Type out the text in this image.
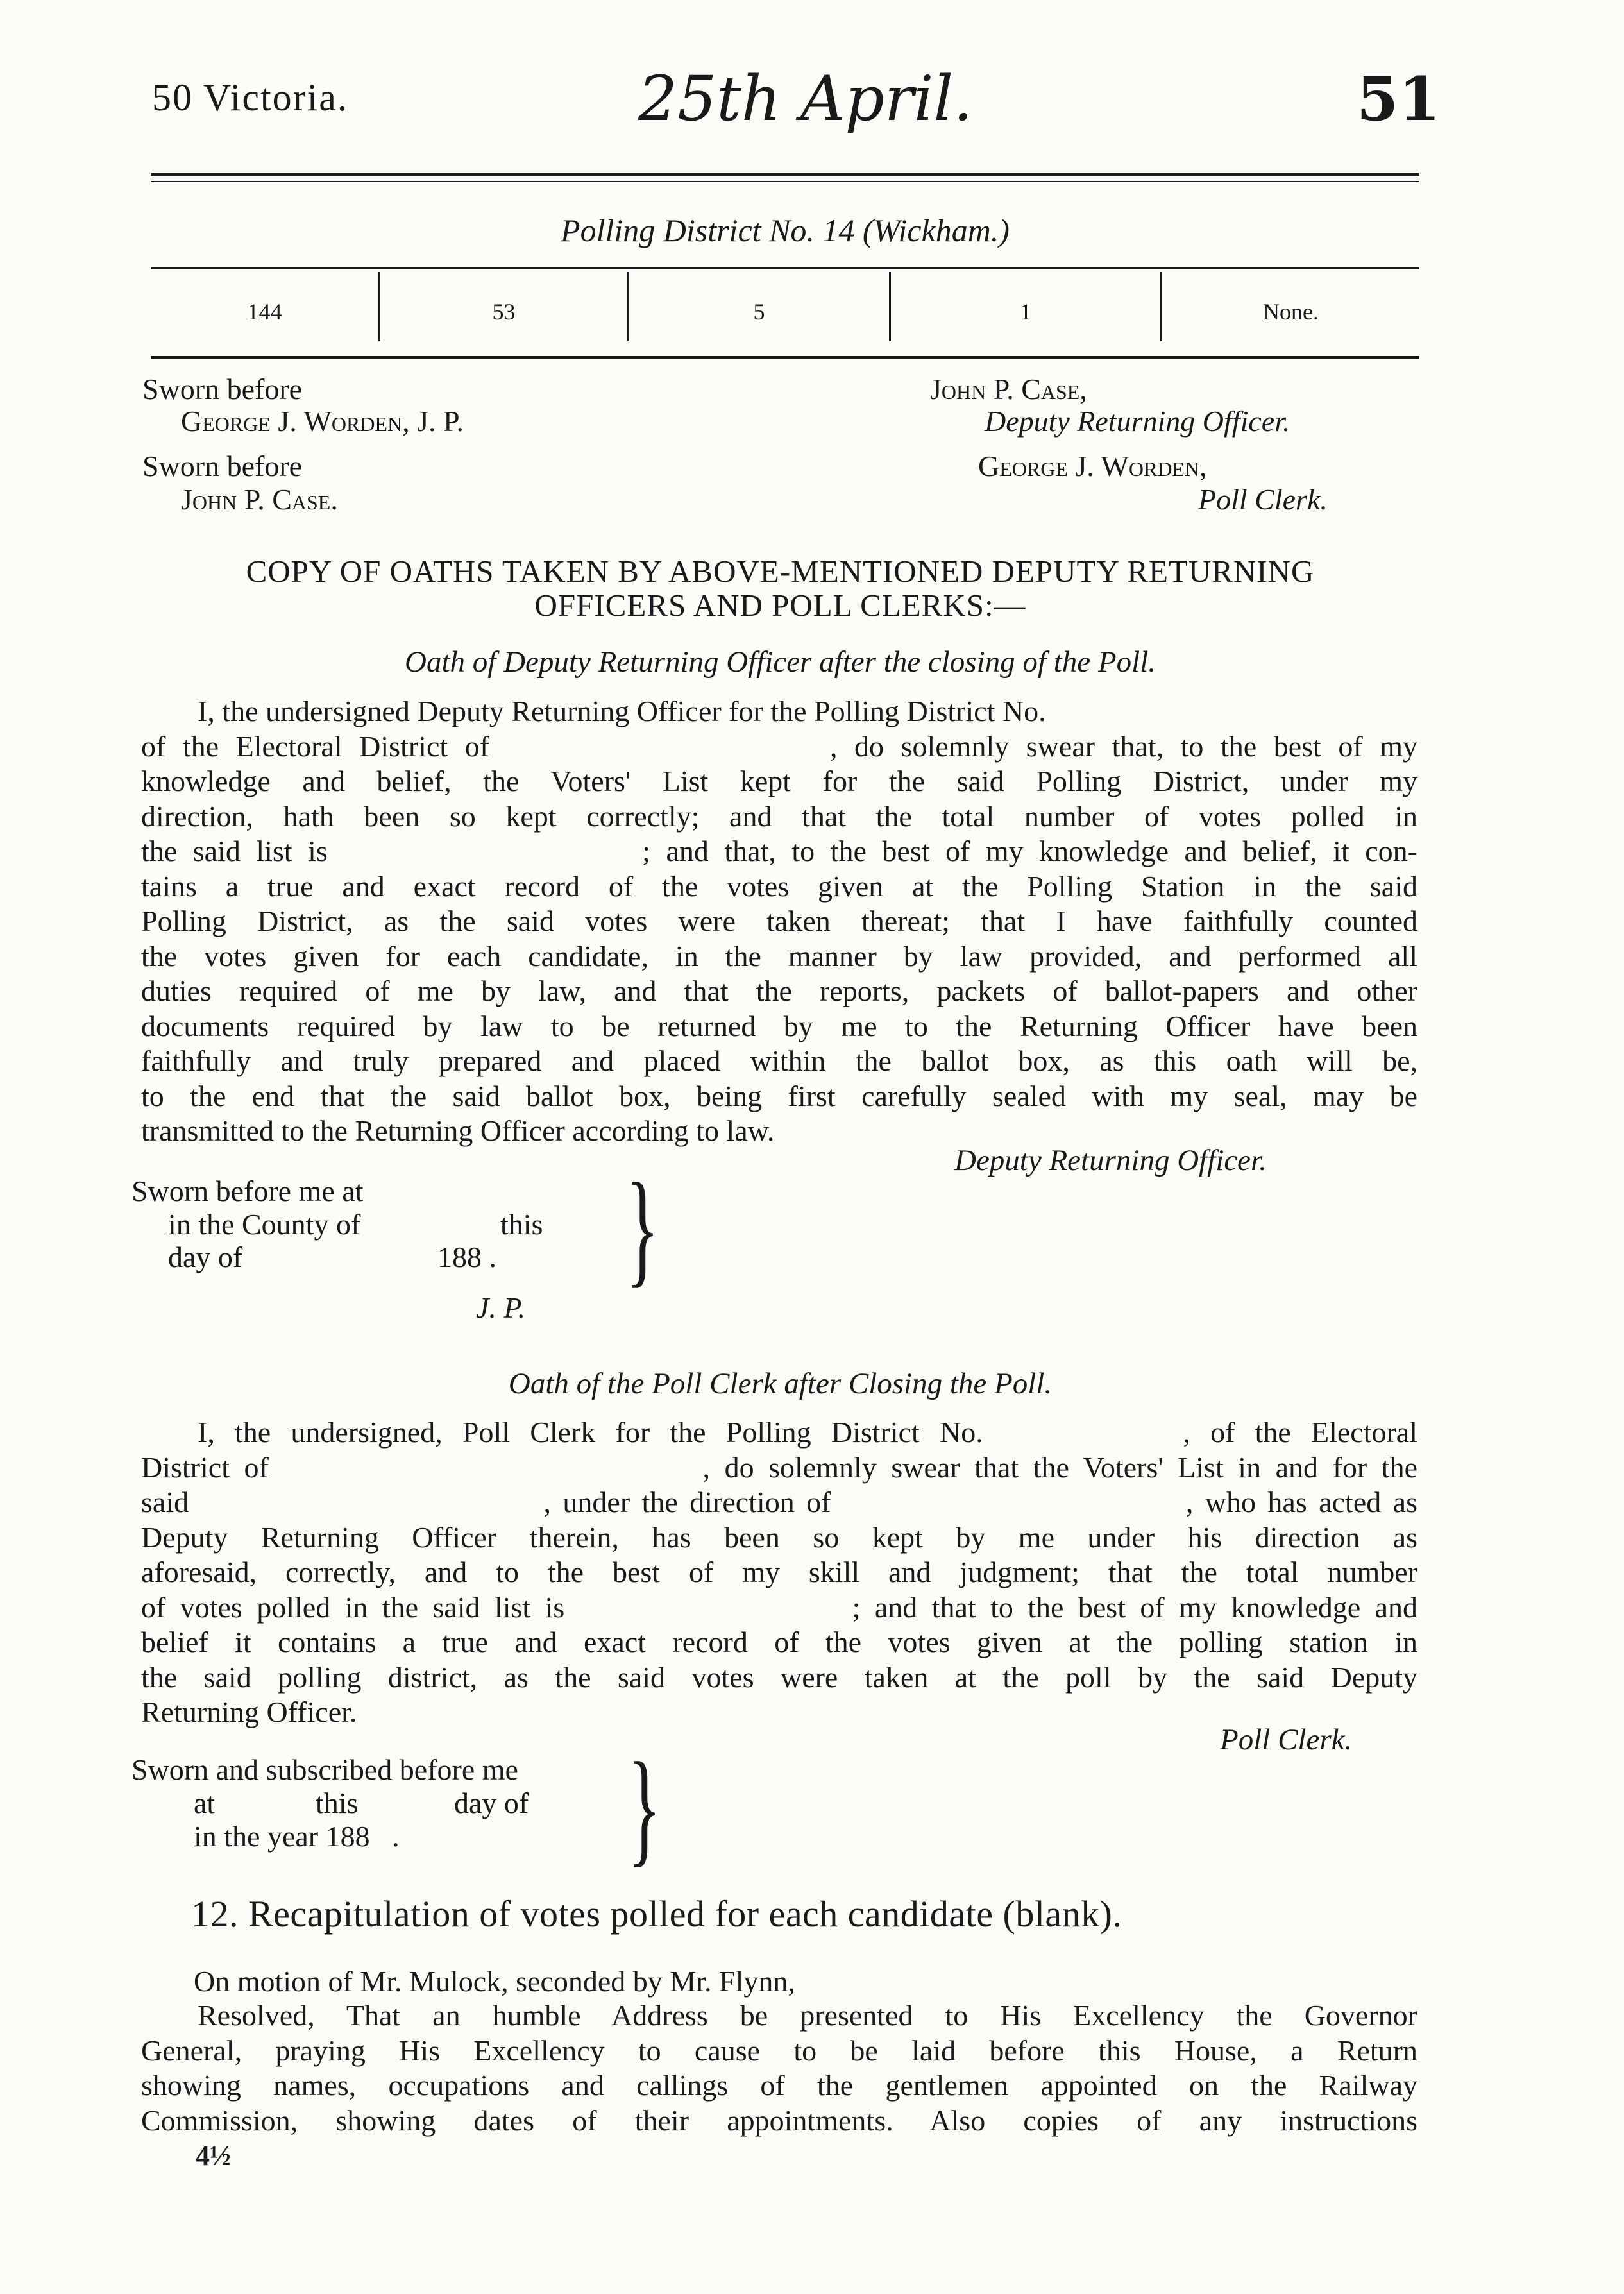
50 Victoria.	25th April.	51
Polling District No. 14 (Wickham.)
144	53	5	1	None.
Sworn before
George J. Worden, J. P.
Sworn before
John P. Case.
John P. Case,
Deputy Returning Officer.
George J. Worden,
Poll Clerk.
COPY OF OATHS TAKEN BY ABOVE-MENTIONED DEPUTY RETURNING
OFFICERS AND POLL CLERKS:—
Oath of Deputy Returning Officer after the closing of the Poll.
I, the undersigned Deputy Returning Officer for the Polling District No.
of the Electoral District of                    , do solemnly swear that, to the best of my
knowledge and belief, the Voters' List kept for the said Polling District, under my
direction, hath been so kept correctly; and that the total number of votes polled in
the said list is                    ; and that, to the best of my knowledge and belief, it con-
tains a true and exact record of the votes given at the Polling Station in the said
Polling District, as the said votes were taken thereat; that I have faithfully counted
the votes given for each candidate, in the manner by law provided, and performed all
duties required of me by law, and that the reports, packets of ballot-papers and other
documents required by law to be returned by me to the Returning Officer have been
faithfully and truly prepared and placed within the ballot box, as this oath will be,
to the end that the said ballot box, being first carefully sealed with my seal, may be
transmitted to the Returning Officer according to law.
Deputy Returning Officer.
Sworn before me at
in the County of	this
day of	188 . }
J. P.
Oath of the Poll Clerk after Closing the Poll.
I, the undersigned, Poll Clerk for the Polling District No.          , of the Electoral
District of                              , do solemnly swear that the Voters' List in and for the
said                              , under the direction of                              , who has acted as
Deputy Returning Officer therein, has been so kept by me under his direction as
aforesaid, correctly, and to the best of my skill and judgment; that the total number
of votes polled in the said list is                    ; and that to the best of my knowledge and
belief it contains a true and exact record of the votes given at the polling station in
the said polling district, as the said votes were taken at the poll by the said Deputy
Returning Officer.
Poll Clerk.
Sworn and subscribed before me
at	this	day of
in the year 188   . }
12. Recapitulation of votes polled for each candidate (blank).
On motion of Mr. Mulock, seconded by Mr. Flynn,
Resolved, That an humble Address be presented to His Excellency the Governor
General, praying His Excellency to cause to be laid before this House, a Return
showing names, occupations and callings of the gentlemen appointed on the Railway
Commission, showing dates of their appointments. Also copies of any instructions
4½
